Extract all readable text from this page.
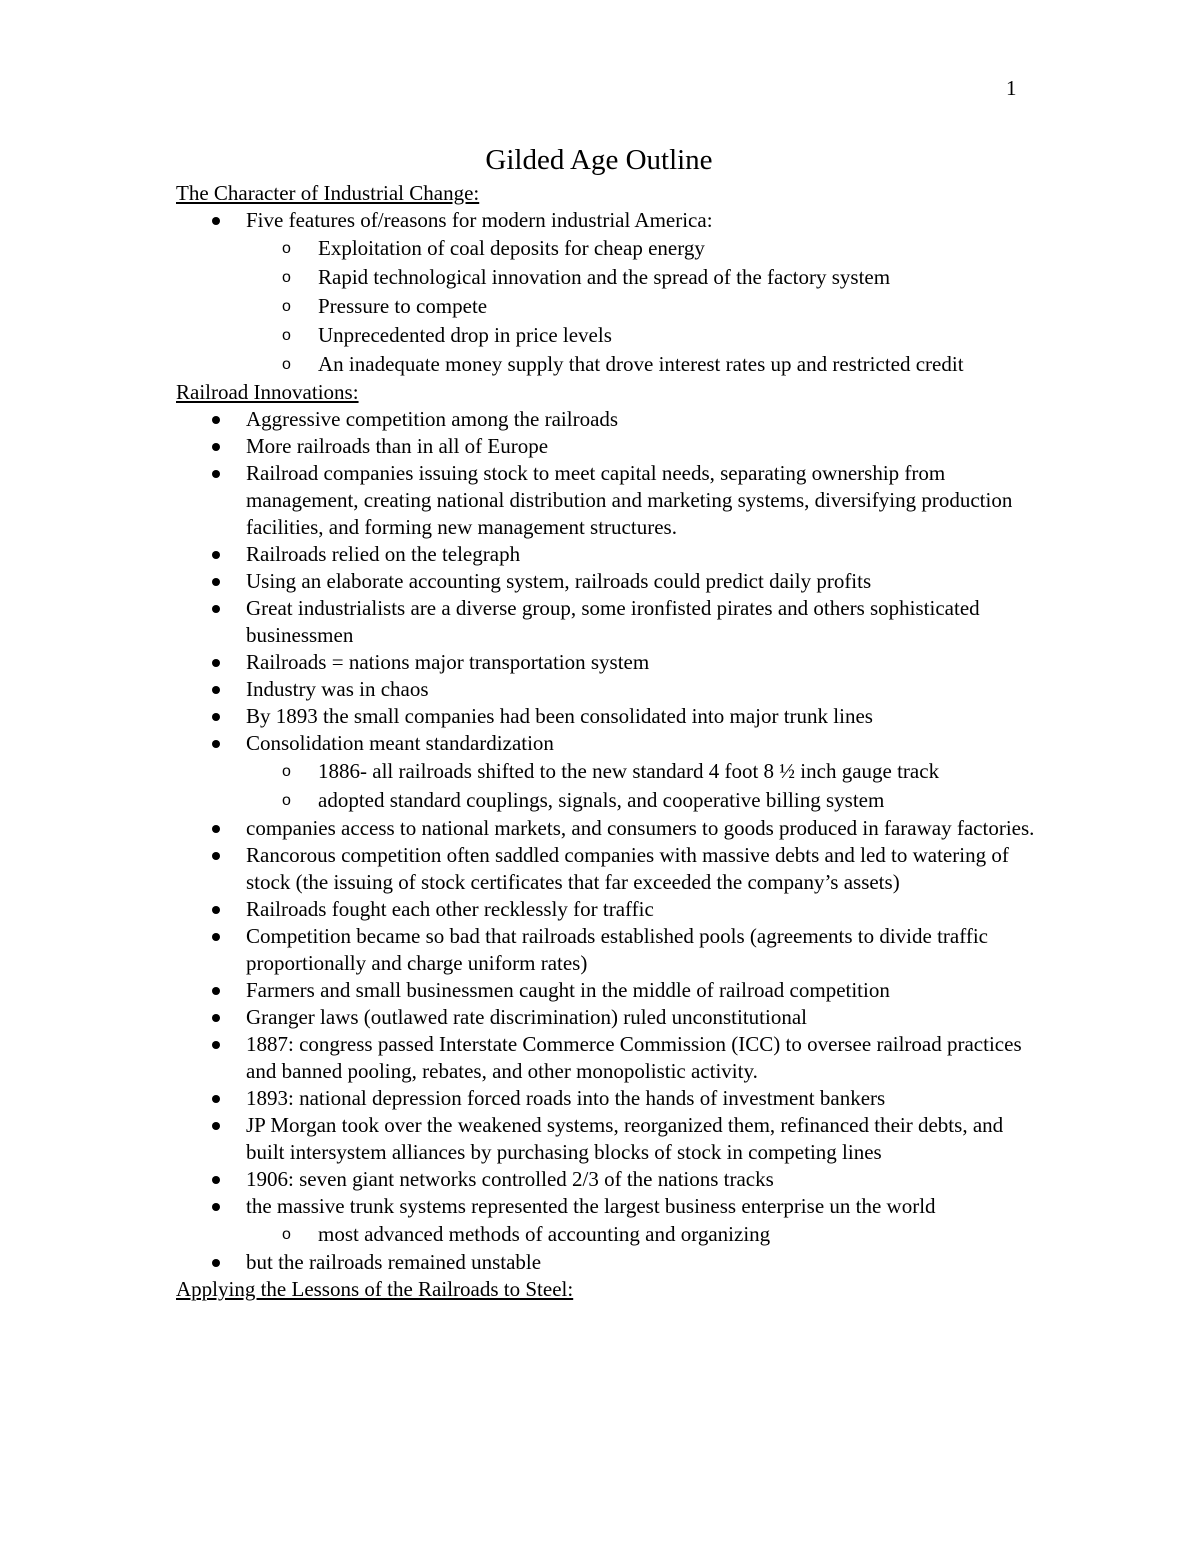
1
Gilded Age Outline
The Character of Industrial Change:
Five features of/reasons for modern industrial America:
o Exploitation of coal deposits for cheap energy
o Rapid technological innovation and the spread of the factory system
o Pressure to compete
o Unprecedented drop in price levels
o An inadequate money supply that drove interest rates up and restricted credit
Railroad Innovations:
Aggressive competition among the railroads
More railroads than in all of Europe
Railroad companies issuing stock to meet capital needs, separating ownership from management, creating national distribution and marketing systems, diversifying production facilities, and forming new management structures.
Railroads relied on the telegraph
Using an elaborate accounting system, railroads could predict daily profits
Great industrialists are a diverse group, some ironfisted pirates and others sophisticated businessmen
Railroads = nations major transportation system
Industry was in chaos
By 1893 the small companies had been consolidated into major trunk lines
Consolidation meant standardization
o 1886- all railroads shifted to the new standard 4 foot 8 ½ inch gauge track
o adopted standard couplings, signals, and cooperative billing system
companies access to national markets, and consumers to goods produced in faraway factories.
Rancorous competition often saddled companies with massive debts and led to watering of stock (the issuing of stock certificates that far exceeded the company’s assets)
Railroads fought each other recklessly for traffic
Competition became so bad that railroads established pools (agreements to divide traffic proportionally and charge uniform rates)
Farmers and small businessmen caught in the middle of railroad competition
Granger laws (outlawed rate discrimination) ruled unconstitutional
1887: congress passed Interstate Commerce Commission (ICC) to oversee railroad practices and banned pooling, rebates, and other monopolistic activity.
1893: national depression forced roads into the hands of investment bankers
JP Morgan took over the weakened systems, reorganized them, refinanced their debts, and built intersystem alliances by purchasing blocks of stock in competing lines
1906: seven giant networks controlled 2/3 of the nations tracks
the massive trunk systems represented the largest business enterprise un the world
o most advanced methods of accounting and organizing
but the railroads remained unstable
Applying the Lessons of the Railroads to Steel:
